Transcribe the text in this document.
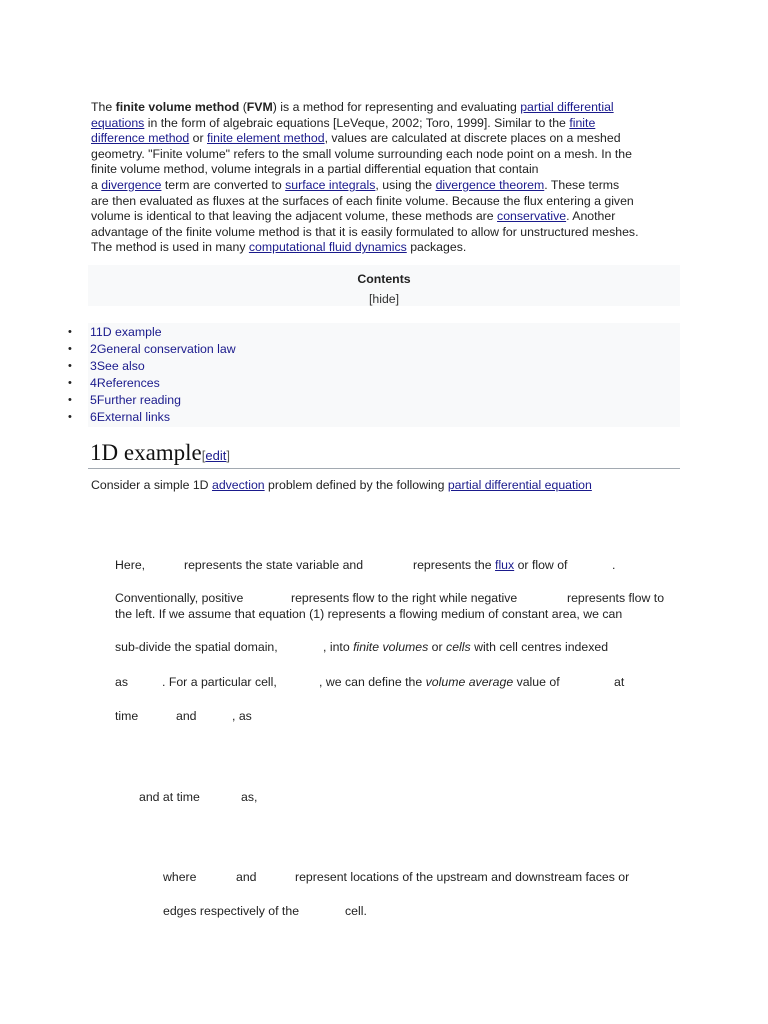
The finite volume method (FVM) is a method for representing and evaluating partial differential
equations in the form of algebraic equations [LeVeque, 2002; Toro, 1999]. Similar to the finite
difference method or finite element method, values are calculated at discrete places on a meshed
geometry. "Finite volume" refers to the small volume surrounding each node point on a mesh. In the
finite volume method, volume integrals in a partial differential equation that contain
a divergence term are converted to surface integrals, using the divergence theorem. These terms
are then evaluated as fluxes at the surfaces of each finite volume. Because the flux entering a given
volume is identical to that leaving the adjacent volume, these methods are conservative. Another
advantage of the finite volume method is that it is easily formulated to allow for unstructured meshes.
The method is used in many computational fluid dynamics packages.
Contents
[hide]
• 11D example
• 2General conservation law
• 3See also
• 4References
• 5Further reading
• 6External links
1D example[edit]
Consider a simple 1D advection problem defined by the following partial differential equation
Here,	represents the state variable and	represents the flux or flow of	.
Conventionally, positive	represents flow to the right while negative	represents flow to
the left. If we assume that equation (1) represents a flowing medium of constant area, we can
sub-divide the spatial domain,	, into finite volumes or cells with cell centres indexed
as	. For a particular cell,	, we can define the volume average value of	at
time	and	, as
and at time	as,
where	and	represent locations of the upstream and downstream faces or
edges respectively of the	cell.
